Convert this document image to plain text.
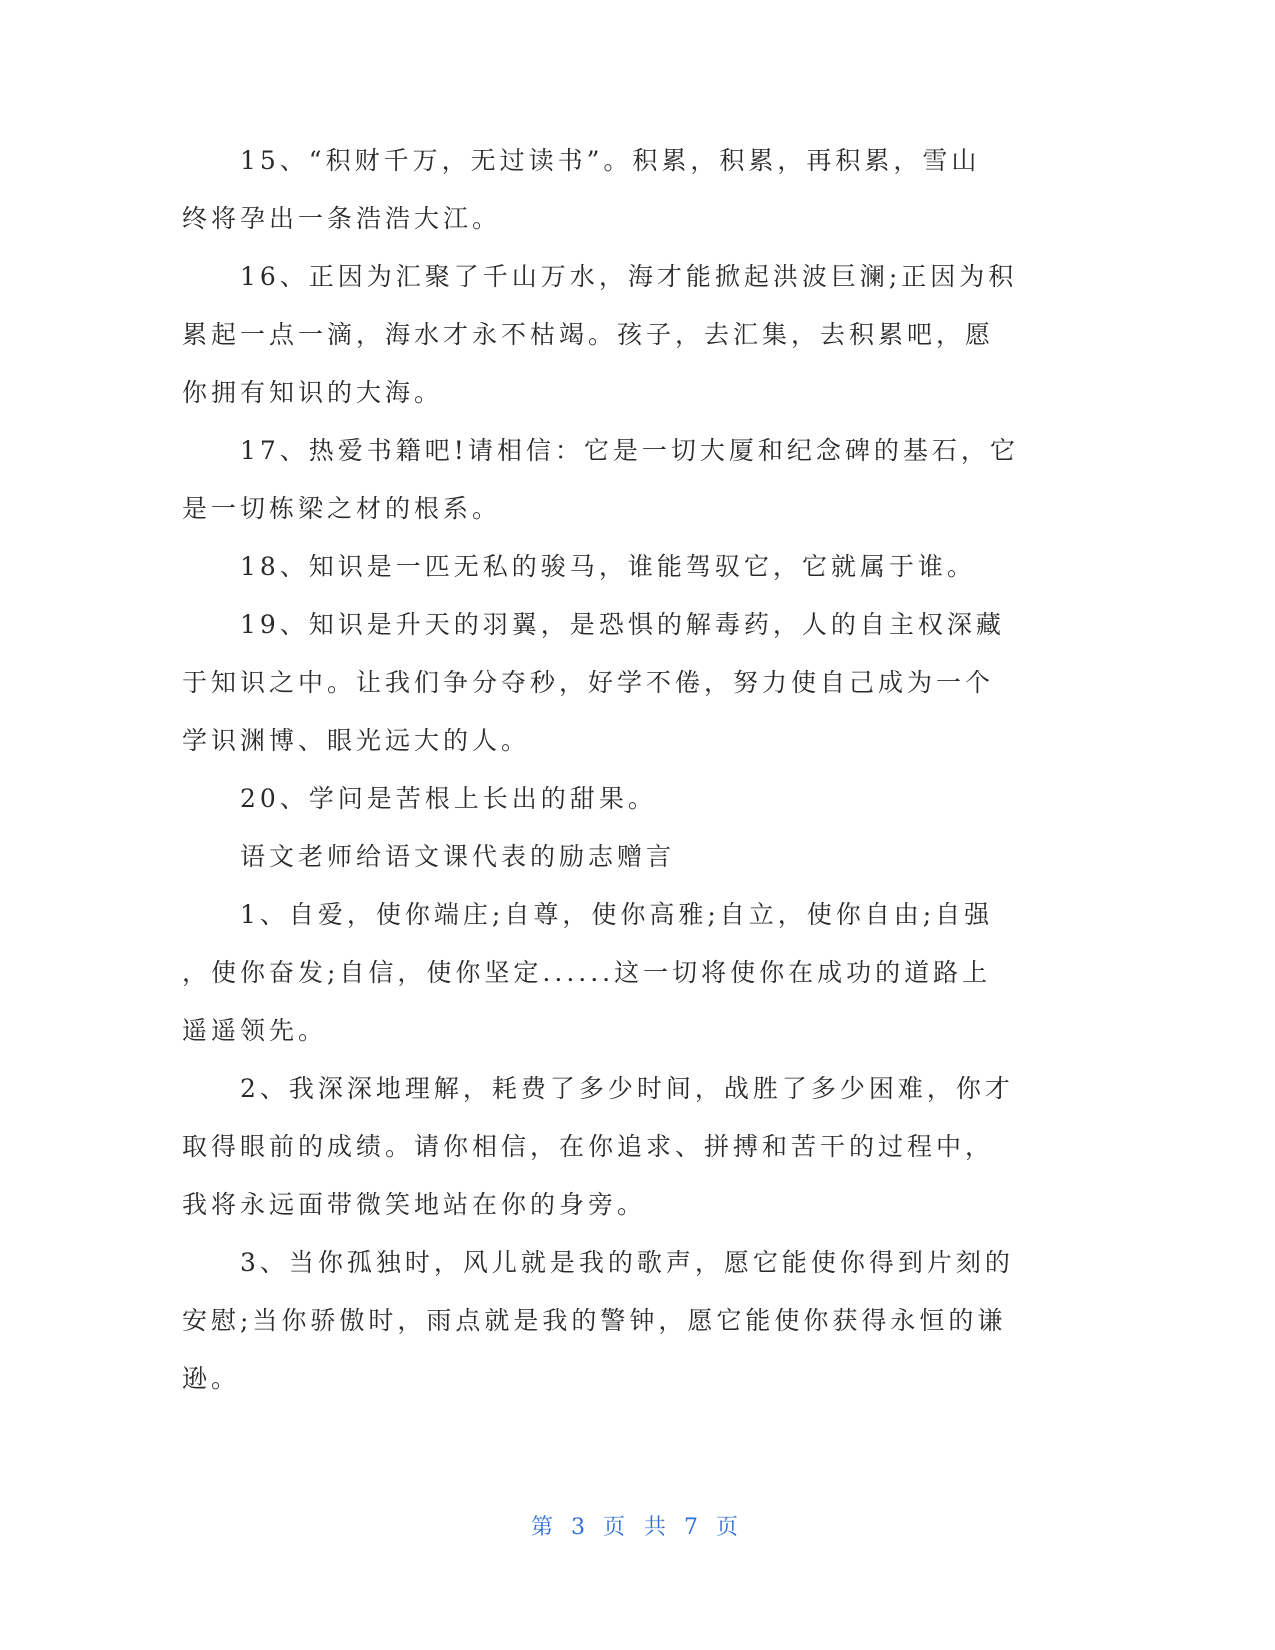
15、“积财千万，无过读书”。积累，积累，再积累，雪山
终将孕出一条浩浩大江。
16、正因为汇聚了千山万水，海才能掀起洪波巨澜;正因为积
累起一点一滴，海水才永不枯竭。孩子，去汇集，去积累吧，愿
你拥有知识的大海。
17、热爱书籍吧!请相信：它是一切大厦和纪念碑的基石，它
是一切栋梁之材的根系。
18、知识是一匹无私的骏马，谁能驾驭它，它就属于谁。
19、知识是升天的羽翼，是恐惧的解毒药，人的自主权深藏
于知识之中。让我们争分夺秒，好学不倦，努力使自己成为一个
学识渊博、眼光远大的人。
20、学问是苦根上长出的甜果。
语文老师给语文课代表的励志赠言
1、自爱，使你端庄;自尊，使你高雅;自立，使你自由;自强
，使你奋发;自信，使你坚定......这一切将使你在成功的道路上
遥遥领先。
2、我深深地理解，耗费了多少时间，战胜了多少困难，你才
取得眼前的成绩。请你相信，在你追求、拼搏和苦干的过程中，
我将永远面带微笑地站在你的身旁。
3、当你孤独时，风儿就是我的歌声，愿它能使你得到片刻的
安慰;当你骄傲时，雨点就是我的警钟，愿它能使你获得永恒的谦
逊。
第 3 页 共 7 页
